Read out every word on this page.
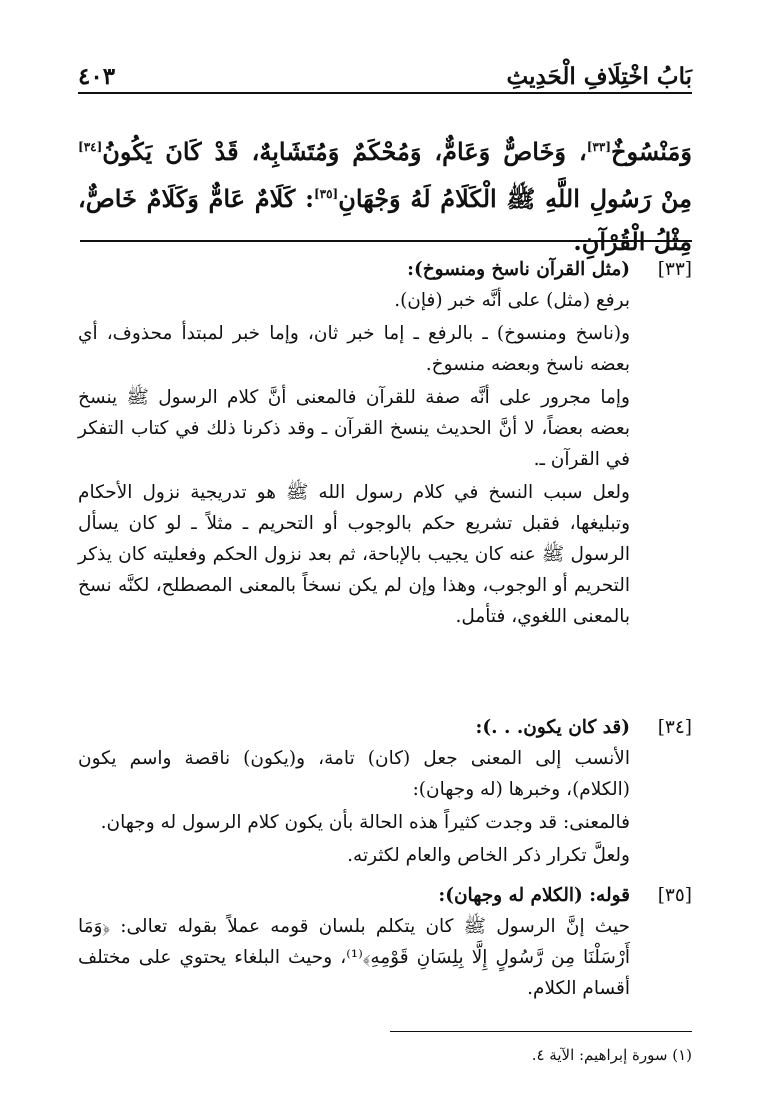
بَابُ اخْتِلَافِ الْحَدِيثِ
٤٠٣
وَمَنْسُوخٌ[٣٣]، وَخَاصٌّ وَعَامٌّ، وَمُحْكَمٌ وَمُتَشَابِهٌ، قَدْ كَانَ يَكُونُ[٣٤] مِنْ رَسُولِ اللَّهِ ﷺ الْكَلَامُ لَهُ وَجْهَانِ[٣٥]: كَلَامٌ عَامٌّ وَكَلَامٌ خَاصٌّ، مِثْلُ الْقُرْآنِ.
[٣٣]
(مثل القرآن ناسخ ومنسوخ):

برفع (مثل) على أنَّه خبر (فإن).

و(ناسخ ومنسوخ) ـ بالرفع ـ إما خبر ثان، وإما خبر لمبتدأ محذوف، أي بعضه ناسخ وبعضه منسوخ.

وإما مجرور على أنَّه صفة للقرآن فالمعنى أنَّ كلام الرسول ﷺ ينسخ بعضه بعضاً، لا أنَّ الحديث ينسخ القرآن ـ وقد ذكرنا ذلك في كتاب التفكر في القرآن ـ.

ولعل سبب النسخ في كلام رسول الله ﷺ هو تدريجية نزول الأحكام وتبليغها، فقبل تشريع حكم بالوجوب أو التحريم ـ مثلاً ـ لو كان يسأل الرسول ﷺ عنه كان يجيب بالإباحة، ثم بعد نزول الحكم وفعليته كان يذكر التحريم أو الوجوب، وهذا وإن لم يكن نسخاً بالمعنى المصطلح، لكنَّه نسخ بالمعنى اللغوي، فتأمل.

[٣٤]
(قد كان يكون. . .):

الأنسب إلى المعنى جعل (كان) تامة، و(يكون) ناقصة واسم يكون (الكلام)، وخبرها (له وجهان):

فالمعنى: قد وجدت كثيراً هذه الحالة بأن يكون كلام الرسول له وجهان.

ولعلَّ تكرار ذكر الخاص والعام لكثرته.

[٣٥]
قوله: (الكلام له وجهان):

حيث إنَّ الرسول ﷺ كان يتكلم بلسان قومه عملاً بقوله تعالى: ﴿وَمَا أَرْسَلْنَا مِن رَّسُولٍ إِلَّا بِلِسَانِ قَوْمِهِ﴾⁽¹⁾، وحيث البلغاء يحتوي على مختلف أقسام الكلام.

(١) سورة إبراهيم: الآية ٤.
